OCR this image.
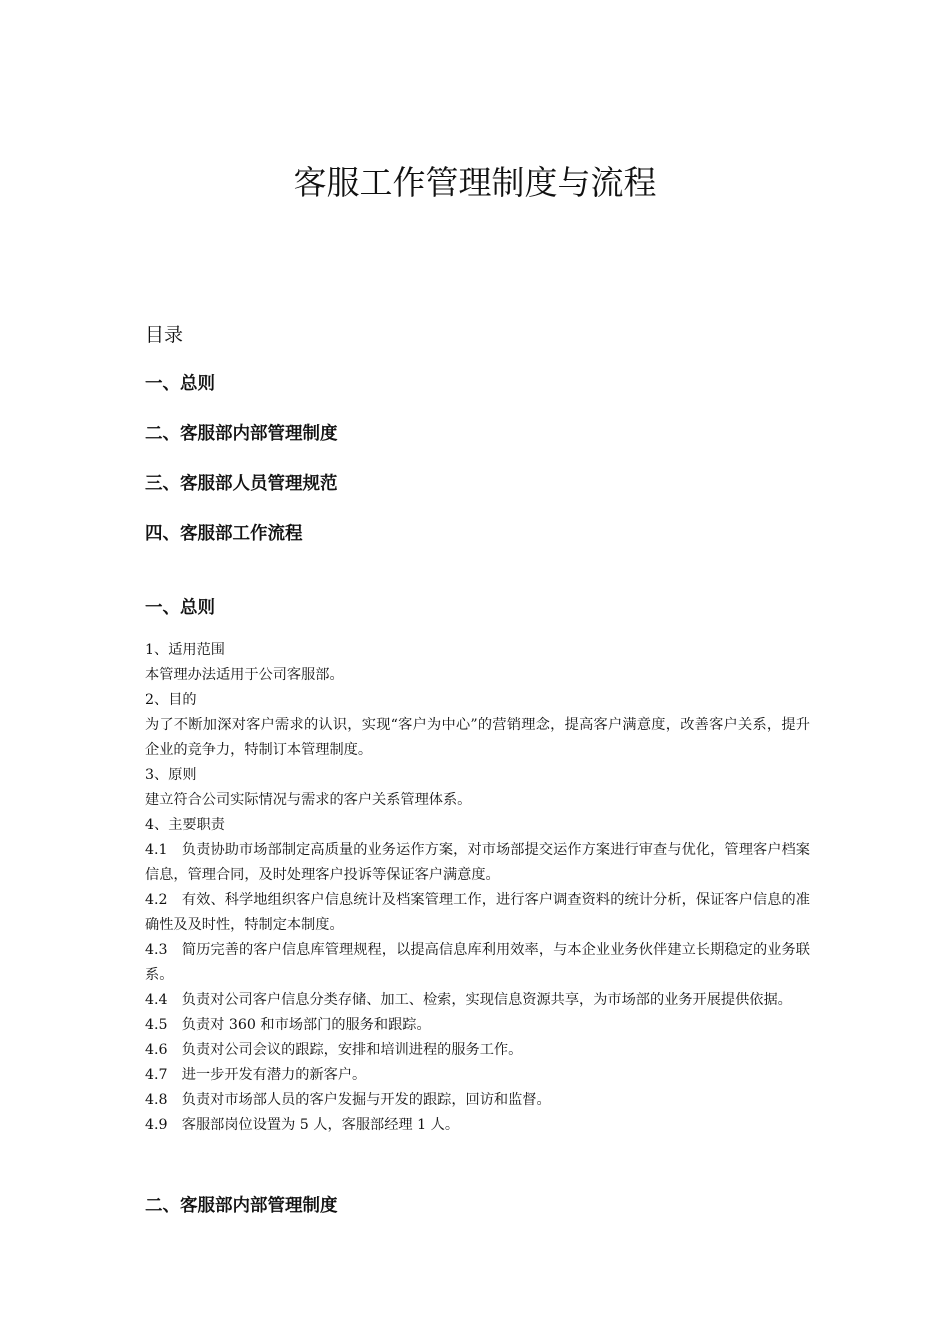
客服工作管理制度与流程
目录
一、总则
二、客服部内部管理制度
三、客服部人员管理规范
四、客服部工作流程
一、总则

1、适用范围

本管理办法适用于公司客服部。

2、目的

为了不断加深对客户需求的认识，实现“客户为中心”的营销理念，提高客户满意度，改善客户关系，提升企业的竞争力，特制订本管理制度。

3、原则

建立符合公司实际情况与需求的客户关系管理体系。

4、主要职责

4.1　负责协助市场部制定高质量的业务运作方案，对市场部提交运作方案进行审查与优化，管理客户档案信息，管理合同，及时处理客户投诉等保证客户满意度。

4.2　有效、科学地组织客户信息统计及档案管理工作，进行客户调查资料的统计分析，保证客户信息的准确性及及时性，特制定本制度。

4.3　简历完善的客户信息库管理规程，以提高信息库利用效率，与本企业业务伙伴建立长期稳定的业务联系。

4.4　负责对公司客户信息分类存储、加工、检索，实现信息资源共享，为市场部的业务开展提供依据。

4.5　负责对 360 和市场部门的服务和跟踪。

4.6　负责对公司会议的跟踪，安排和培训进程的服务工作。

4.7　进一步开发有潜力的新客户。

4.8　负责对市场部人员的客户发掘与开发的跟踪，回访和监督。

4.9　客服部岗位设置为 5 人，客服部经理 1 人。

二、客服部内部管理制度
